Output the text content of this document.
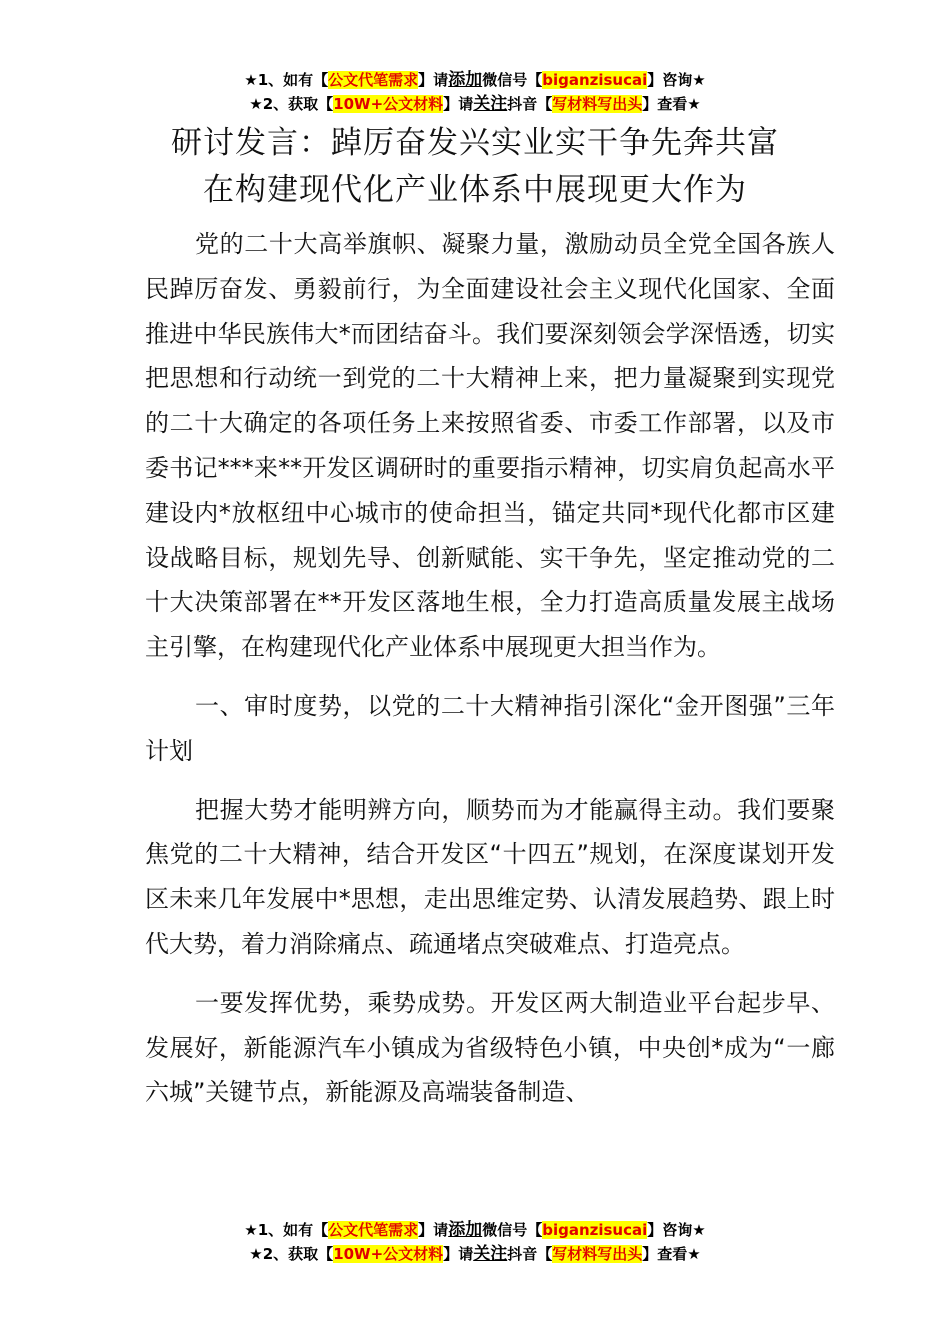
★1、如有【公文代笔需求】请添加微信号【biganzisucai】咨询★
★2、获取【10W+公文材料】请关注抖音【写材料写出头】查看★
研讨发言：踔厉奋发兴实业实干争先奔共富
在构建现代化产业体系中展现更大作为

党的二十大高举旗帜、凝聚力量，激励动员全党全国各族人民踔厉奋发、勇毅前行，为全面建设社会主义现代化国家、全面推进中华民族伟大*而团结奋斗。我们要深刻领会学深悟透，切实把思想和行动统一到党的二十大精神上来，把力量凝聚到实现党的二十大确定的各项任务上来按照省委、市委工作部署，以及市委书记***来**开发区调研时的重要指示精神，切实肩负起高水平建设内*放枢纽中心城市的使命担当，锚定共同*现代化都市区建设战略目标，规划先导、创新赋能、实干争先，坚定推动党的二十大决策部署在**开发区落地生根，全力打造高质量发展主战场主引擎，在构建现代化产业体系中展现更大担当作为。

一、审时度势，以党的二十大精神指引深化“金开图强”三年计划

把握大势才能明辨方向，顺势而为才能赢得主动。我们要聚焦党的二十大精神，结合开发区“十四五”规划，在深度谋划开发区未来几年发展中*思想，走出思维定势、认清发展趋势、跟上时代大势，着力消除痛点、疏通堵点突破难点、打造亮点。

一要发挥优势，乘势成势。开发区两大制造业平台起步早、发展好，新能源汽车小镇成为省级特色小镇，中央创*成为“一廊六城”关键节点，新能源及高端装备制造、

★1、如有【公文代笔需求】请添加微信号【biganzisucai】咨询★
★2、获取【10W+公文材料】请关注抖音【写材料写出头】查看★
